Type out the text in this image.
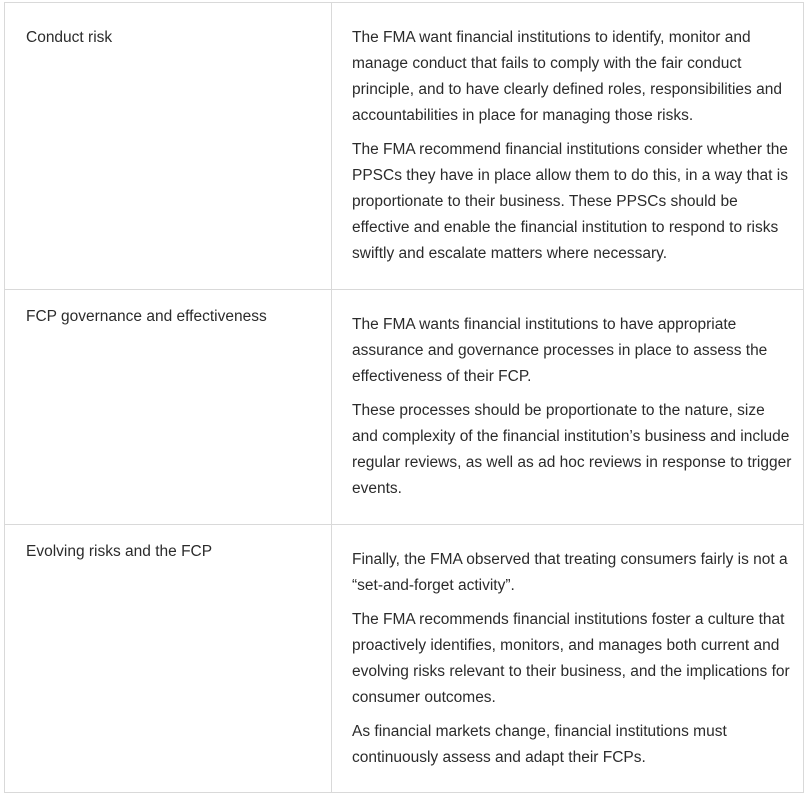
Conduct risk	The FMA want financial institutions to identify, monitor and manage conduct that fails to comply with the fair conduct principle, and to have clearly defined roles, responsibilities and accountabilities in place for managing those risks.

The FMA recommend financial institutions consider whether the PPSCs they have in place allow them to do this, in a way that is proportionate to their business. These PPSCs should be effective and enable the financial institution to respond to risks swiftly and escalate matters where necessary.

FCP governance and effectiveness	The FMA wants financial institutions to have appropriate assurance and governance processes in place to assess the effectiveness of their FCP.

These processes should be proportionate to the nature, size and complexity of the financial institution’s business and include regular reviews, as well as ad hoc reviews in response to trigger events.

Evolving risks and the FCP	Finally, the FMA observed that treating consumers fairly is not a “set-and-forget activity”.

The FMA recommends financial institutions foster a culture that proactively identifies, monitors, and manages both current and evolving risks relevant to their business, and the implications for consumer outcomes.

As financial markets change, financial institutions must continuously assess and adapt their FCPs.
